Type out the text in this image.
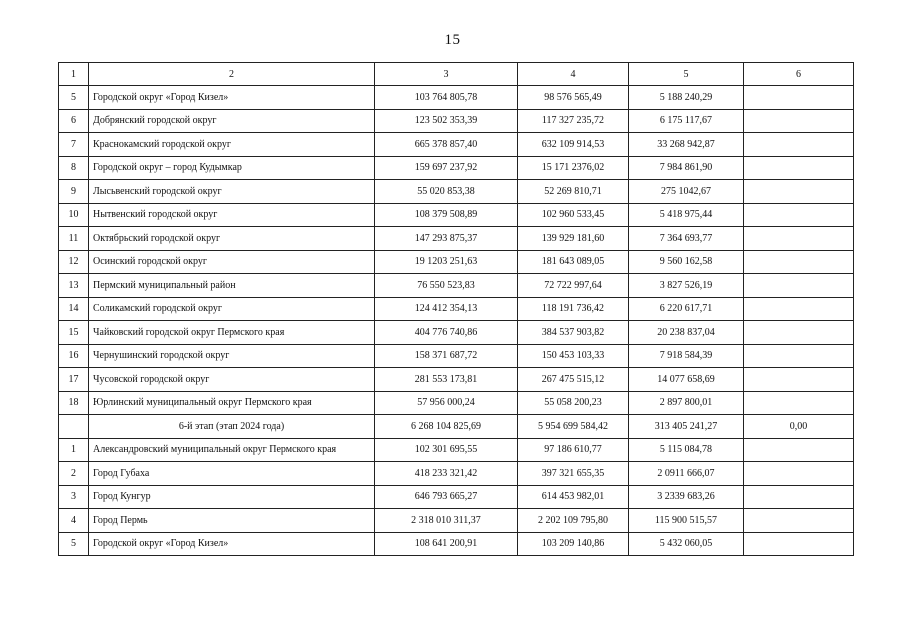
15
1	2	3	4	5	6
5	Городской округ «Город Кизел»	103 764 805,78	98 576 565,49	5 188 240,29	
6	Добрянский городской округ	123 502 353,39	117 327 235,72	6 175 117,67	
7	Краснокамский городской округ	665 378 857,40	632 109 914,53	33 268 942,87	
8	Городской округ – город Кудымкар	159 697 237,92	15 171 2376,02	7 984 861,90	
9	Лысьвенский городской округ	55 020 853,38	52 269 810,71	275 1042,67	
10	Нытвенский городской округ	108 379 508,89	102 960 533,45	5 418 975,44	
11	Октябрьский городской округ	147 293 875,37	139 929 181,60	7 364 693,77	
12	Осинский городской округ	19 1203 251,63	181 643 089,05	9 560 162,58	
13	Пермский муниципальный район	76 550 523,83	72 722 997,64	3 827 526,19	
14	Соликамский городской округ	124 412 354,13	118 191 736,42	6 220 617,71	
15	Чайковский городской округ Пермского края	404 776 740,86	384 537 903,82	20 238 837,04	
16	Чернушинский городской округ	158 371 687,72	150 453 103,33	7 918 584,39	
17	Чусовской городской округ	281 553 173,81	267 475 515,12	14 077 658,69	
18	Юрлинский муниципальный округ Пермского края	57 956 000,24	55 058 200,23	2 897 800,01	
	6-й этап (этап 2024 года)	6 268 104 825,69	5 954 699 584,42	313 405 241,27	0,00
1	Александровский муниципальный округ Пермского края	102 301 695,55	97 186 610,77	5 115 084,78	
2	Город Губаха	418 233 321,42	397 321 655,35	2 0911 666,07	
3	Город Кунгур	646 793 665,27	614 453 982,01	3 2339 683,26	
4	Город Пермь	2 318 010 311,37	2 202 109 795,80	115 900 515,57	
5	Городской округ «Город Кизел»	108 641 200,91	103 209 140,86	5 432 060,05	
